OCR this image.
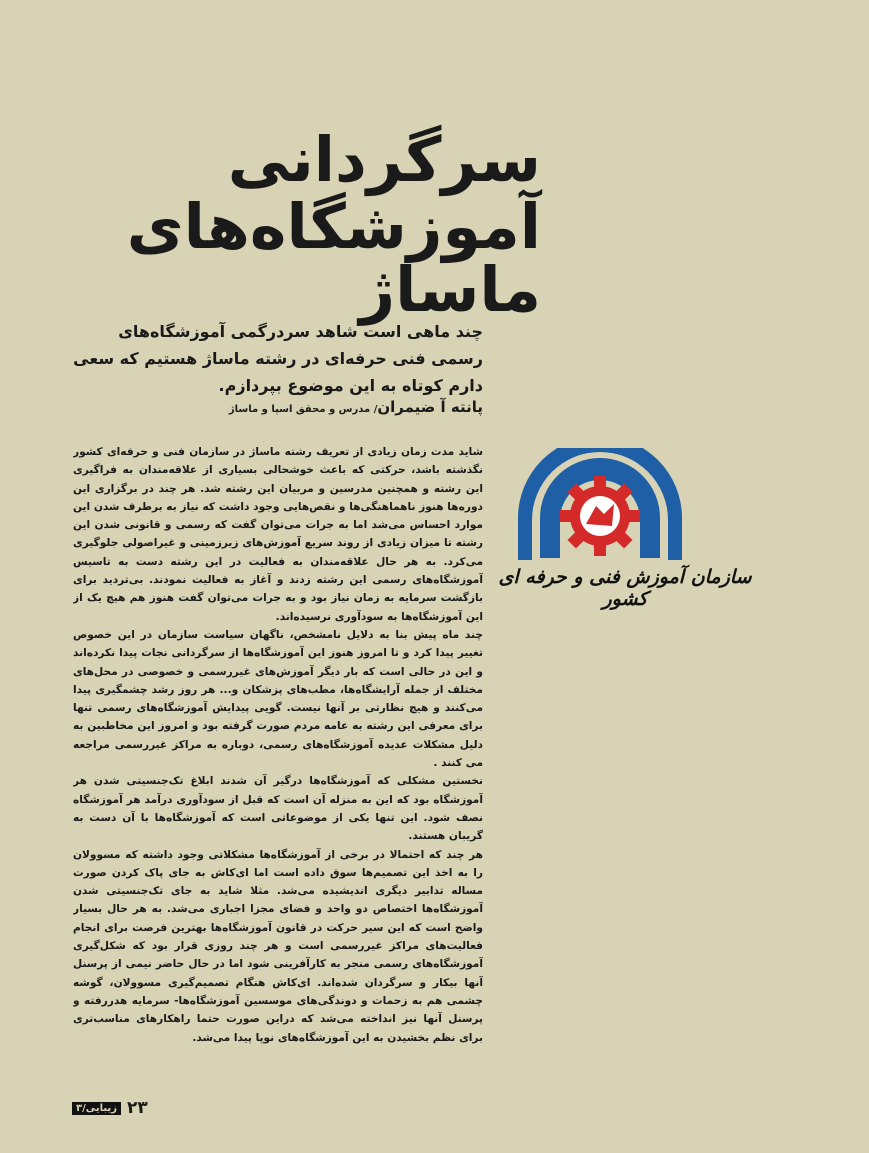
سرگردانی
آموزشگاه‌های ماساژ
چند ماهی است شاهد سردرگمی آموزشگاه‌های رسمی فنی حرفه‌ای در رشته ماساژ هستیم که سعی دارم کوتاه به این موضوع بپردازم.
پانته آ ضیمران/ مدرس و محقق اسپا و ماساژ

شاید مدت زمان زیادی از تعریف رشته ماساژ در سازمان فنی و حرفه‌ای کشور نگذشته باشد، حرکتی که باعث خوشحالی بسیاری از علاقه‌مندان به فراگیری این رشته و همچنین مدرسین و مربیان این رشته شد. هر چند در برگزاری این دوره‌ها هنوز ناهماهنگی‌ها و نقص‌هایی وجود داشت که نیاز به برطرف شدن این موارد احساس می‌شد اما به جرات می‌توان گفت که رسمی و قانونی شدن این رشته تا میزان زیادی از روند سریع آموزش‌های زیرزمینی و غیراصولی جلوگیری می‌کرد. به هر حال علاقه‌مندان به فعالیت در این رشته دست به تاسیس آموزشگاه‌های رسمی این رشته زدند و آغاز به فعالیت نمودند. بی‌تردید برای بازگشت سرمایه به زمان نیاز بود و به جرات می‌توان گفت هنوز هم هیچ یک از این آموزشگاه‌ها به سودآوری نرسیده‌اند.

چند ماه پیش بنا به دلایل نامشخص، ناگهان سیاست سازمان در این خصوص تغییر پیدا کرد و تا امروز هنوز این آموزشگاه‌ها از سرگردانی نجات پیدا نکرده‌اند و این در حالی است که بار دیگر آموزش‌های غیررسمی و خصوصی در محل‌های مختلف از جمله آرایشگاه‌ها، مطب‌های پزشکان و... هر روز رشد چشمگیری پیدا می‌کنند و هیچ نظارتی بر آنها نیست. گویی پیدایش آموزشگاه‌های رسمی تنها برای معرفی این رشته به عامه مردم صورت گرفته بود و امروز این مخاطبین به دلیل مشکلات عدیده آموزشگاه‌های رسمی، دوباره به مراکز غیررسمی مراجعه می کنند .

نخستین مشکلی که آموزشگاه‌ها درگیر آن شدند ابلاغ تک‌جنسیتی شدن هر آموزشگاه بود که این به منزله آن است که قبل از سودآوری درآمد هر آموزشگاه نصف شود. این تنها یکی از موضوعاتی است که آموزشگاه‌ها با آن دست به گریبان هستند.

هر چند که احتمالا در برخی از آموزشگاه‌ها مشکلاتی وجود داشته که مسوولان را به اخذ این تصمیم‌ها سوق داده است اما ای‌کاش به جای پاک کردن صورت مساله تدابیر دیگری اندیشیده می‌شد. مثلا شاید به جای تک‌جنسیتی شدن آموزشگاه‌ها اختصاص دو واحد و فضای مجزا اجباری می‌شد. به هر حال بسیار واضح است که این سیر حرکت در قانون آموزشگاه‌ها بهترین فرصت برای انجام فعالیت‌های مراکز غیررسمی است و هر چند روزی قرار بود که شکل‌گیری آموزشگاه‌های رسمی منجر به کارآفرینی شود اما در حال حاضر نیمی از پرسنل آنها بیکار و سرگردان شده‌اند. ای‌کاش هنگام تصمیم‌گیری مسوولان، گوشه چشمی هم به زحمات و دوندگی‌های موسسین آموزشگاه‌ها- سرمایه هدررفته و پرسنل آنها نیز انداخته می‌شد که دراین صورت حتما راهکارهای مناسب‌تری برای نظم بخشیدن به این آموزشگاه‌های نوپا پیدا می‌شد.

سازمان آموزش فنی و حرفه ای کشور
۲۳
زیبایی/۳
